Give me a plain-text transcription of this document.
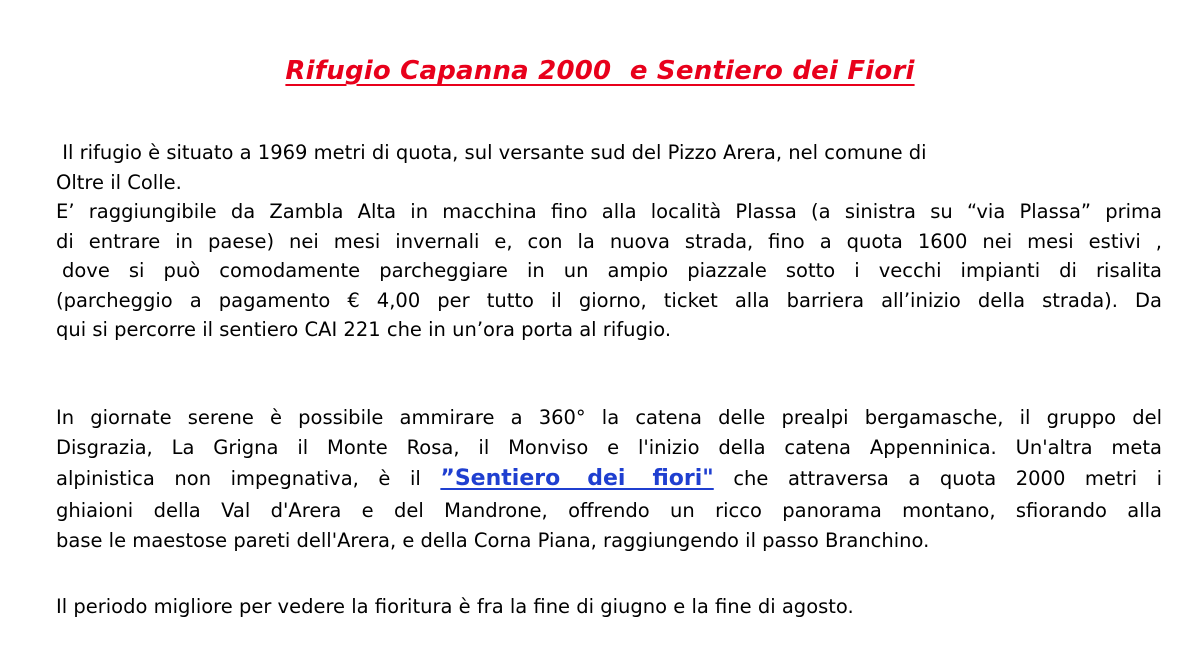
Rifugio Capanna 2000  e Sentiero dei Fiori
Il rifugio è situato a 1969 metri di quota, sul versante sud del Pizzo Arera, nel comune di
Oltre il Colle.
E’ raggiungibile da Zambla Alta in macchina fino alla località Plassa (a sinistra su “via Plassa” prima
di entrare in paese) nei mesi invernali e, con la nuova strada, fino a quota 1600 nei mesi estivi ,
dove si può comodamente parcheggiare in un ampio piazzale sotto i vecchi impianti di risalita
(parcheggio a pagamento € 4,00 per tutto il giorno, ticket alla barriera all’inizio della strada). Da
qui si percorre il sentiero CAI 221 che in un’ora porta al rifugio.
In giornate serene è possibile ammirare a 360° la catena delle prealpi bergamasche, il gruppo del
Disgrazia, La Grigna il Monte Rosa, il Monviso e l'inizio della catena Appenninica. Un'altra meta
alpinistica non impegnativa, è il ”Sentiero dei fiori" che attraversa a quota 2000 metri i
ghiaioni della Val d'Arera e del Mandrone, offrendo un ricco panorama montano, sfiorando alla
base le maestose pareti dell'Arera, e della Corna Piana, raggiungendo il passo Branchino.
Il periodo migliore per vedere la fioritura è fra la fine di giugno e la fine di agosto.
